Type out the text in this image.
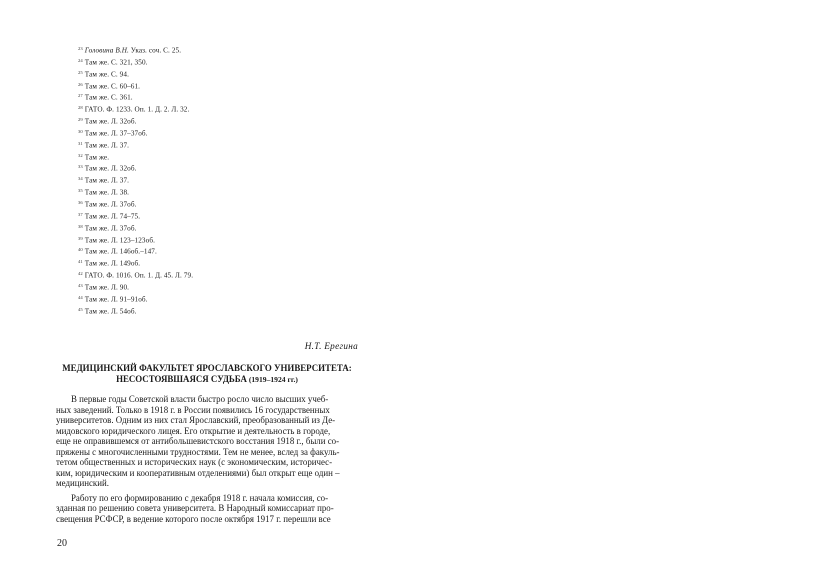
$^{23}$ Головина В.Н. Указ. соч. С. 25.
$^{24}$ Там же. С. 321, 350.
$^{25}$ Там же. С. 94.
$^{26}$ Там же. С. 60–61.
$^{27}$ Там же. С. 361.
$^{28}$ ГАТО. Ф. 1233. Оп. 1. Д. 2. Л. 32.
$^{29}$ Там же. Л. 32об.
$^{30}$ Там же. Л. 37–37об.
$^{31}$ Там же. Л. 37.
$^{32}$ Там же.
$^{33}$ Там же. Л. 32об.
$^{34}$ Там же. Л. 37.
$^{35}$ Там же. Л. 38.
$^{36}$ Там же. Л. 37об.
$^{37}$ Там же. Л. 74–75.
$^{38}$ Там же. Л. 37об.
$^{39}$ Там же. Л. 123–123об.
$^{40}$ Там же. Л. 146об.–147.
$^{41}$ Там же. Л. 149об.
$^{42}$ ГАТО. Ф. 1016. Оп. 1. Д. 45. Л. 79.
$^{43}$ Там же. Л. 90.
$^{44}$ Там же. Л. 91–91об.
$^{45}$ Там же. Л. 54об.
Н.Т. Ерегина
МЕДИЦИНСКИЙ ФАКУЛЬТЕТ ЯРОСЛАВСКОГО УНИВЕРСИТЕТА:
НЕСОСТОЯВШАЯСЯ СУДЬБА (1919–1924 гг.)
В первые годы Советской власти быстро росло число высших учеб-
ных заведений. Только в 1918 г. в России появились 16 государственных
университетов. Одним из них стал Ярославский, преобразованный из Де-
мидовского юридического лицея. Его открытие и деятельность в городе,
еще не оправившемся от антибольшевистского восстания 1918 г., были со-
пряжены с многочисленными трудностями. Тем не менее, вслед за факуль-
тетом общественных и исторических наук (с экономическим, историчес-
ким, юридическим и кооперативным отделениями) был открыт еще один –
медицинский.
Работу по его формированию с декабря 1918 г. начала комиссия, со-
зданная по решению совета университета. В Народный комиссариат про-
свещения РСФСР, в ведение которого после октября 1917 г. перешли все
20
